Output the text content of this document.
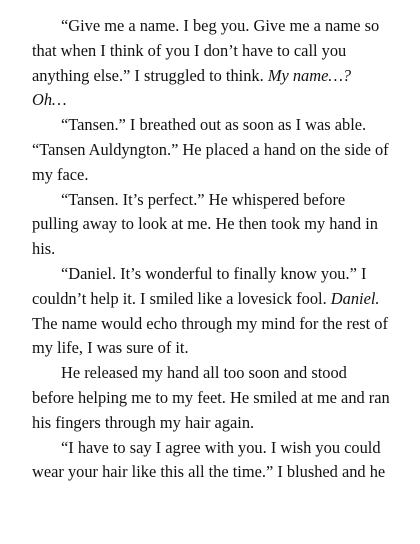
“Give me a name. I beg you. Give me a name so
that when I think of you I don’t have to call you
anything else.” I struggled to think. My name…?
Oh…
“Tansen.” I breathed out as soon as I was able.
“Tansen Auldyngton.” He placed a hand on the side of
my face.
“Tansen. It’s perfect.” He whispered before
pulling away to look at me. He then took my hand in
his.
“Daniel. It’s wonderful to finally know you.” I
couldn’t help it. I smiled like a lovesick fool. Daniel.
The name would echo through my mind for the rest of
my life, I was sure of it.
He released my hand all too soon and stood
before helping me to my feet. He smiled at me and ran
his fingers through my hair again.
“I have to say I agree with you. I wish you could
wear your hair like this all the time.” I blushed and he
